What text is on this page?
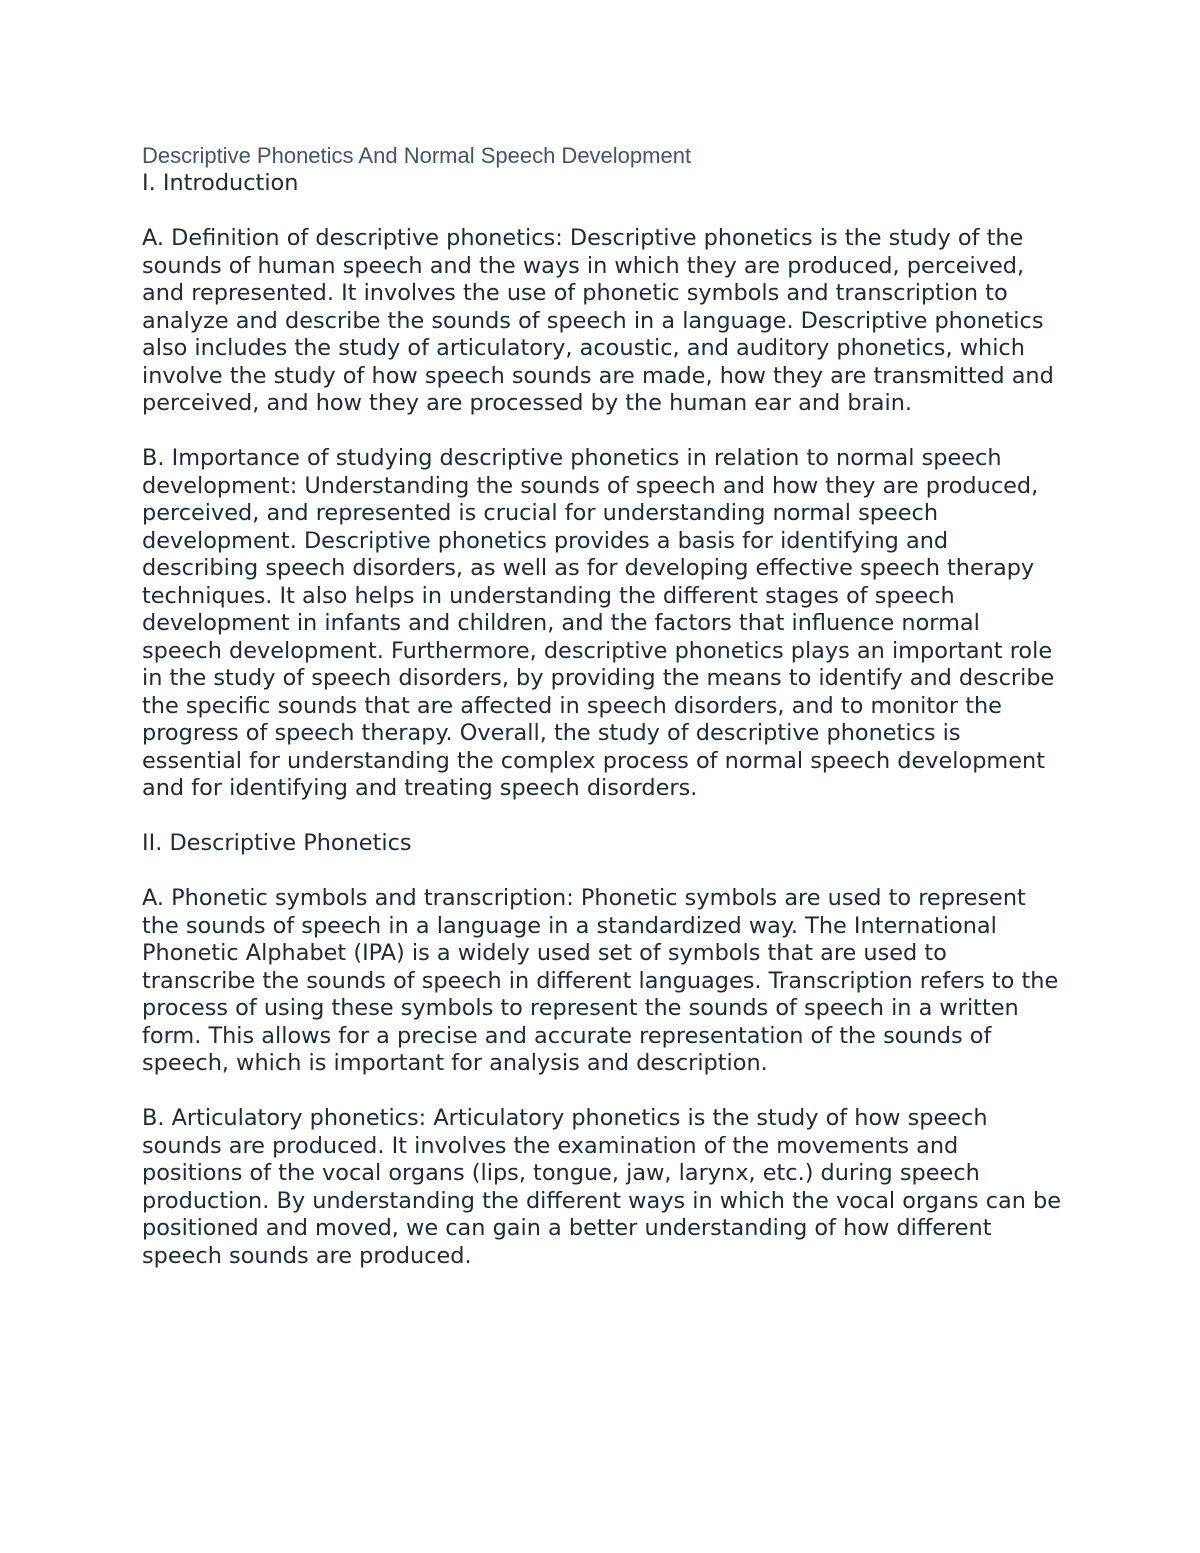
Descriptive Phonetics And Normal Speech Development

I. Introduction

A. Definition of descriptive phonetics: Descriptive phonetics is the study of the sounds of human speech and the ways in which they are produced, perceived, and represented. It involves the use of phonetic symbols and transcription to analyze and describe the sounds of speech in a language. Descriptive phonetics also includes the study of articulatory, acoustic, and auditory phonetics, which involve the study of how speech sounds are made, how they are transmitted and perceived, and how they are processed by the human ear and brain.

B. Importance of studying descriptive phonetics in relation to normal speech development: Understanding the sounds of speech and how they are produced, perceived, and represented is crucial for understanding normal speech development. Descriptive phonetics provides a basis for identifying and describing speech disorders, as well as for developing effective speech therapy techniques. It also helps in understanding the different stages of speech development in infants and children, and the factors that influence normal speech development. Furthermore, descriptive phonetics plays an important role in the study of speech disorders, by providing the means to identify and describe the specific sounds that are affected in speech disorders, and to monitor the progress of speech therapy. Overall, the study of descriptive phonetics is essential for understanding the complex process of normal speech development and for identifying and treating speech disorders.

II. Descriptive Phonetics

A. Phonetic symbols and transcription: Phonetic symbols are used to represent the sounds of speech in a language in a standardized way. The International Phonetic Alphabet (IPA) is a widely used set of symbols that are used to transcribe the sounds of speech in different languages. Transcription refers to the process of using these symbols to represent the sounds of speech in a written form. This allows for a precise and accurate representation of the sounds of speech, which is important for analysis and description.

B. Articulatory phonetics: Articulatory phonetics is the study of how speech sounds are produced. It involves the examination of the movements and positions of the vocal organs (lips, tongue, jaw, larynx, etc.) during speech production. By understanding the different ways in which the vocal organs can be positioned and moved, we can gain a better understanding of how different speech sounds are produced.
